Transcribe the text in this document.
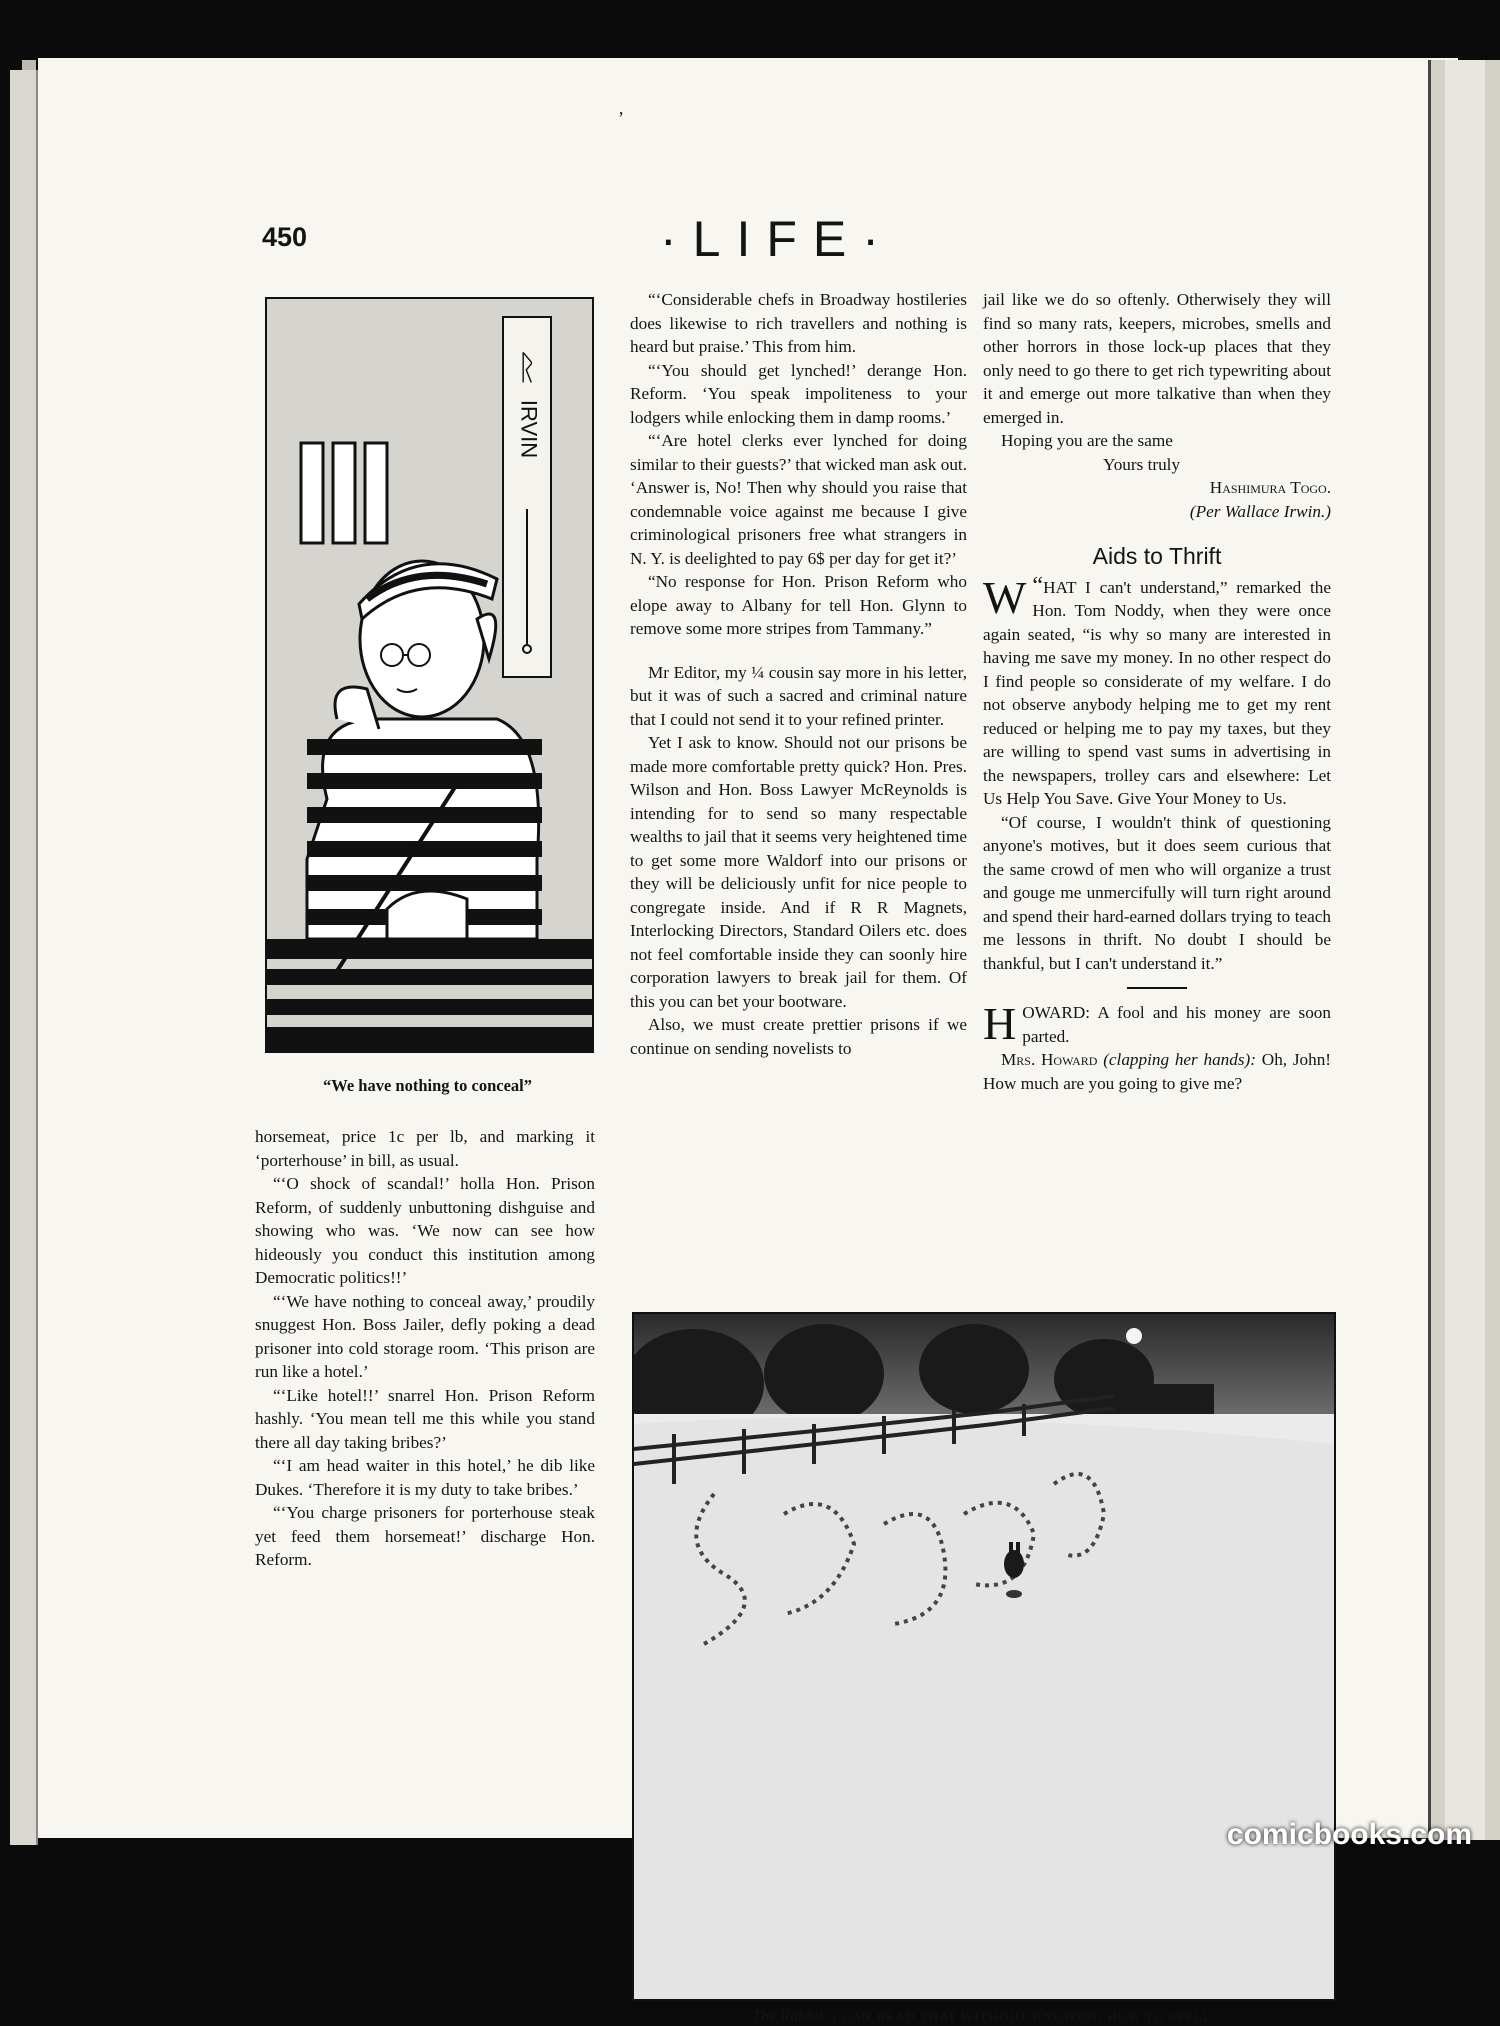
ʼ
450	·LIFE·
ᚱ
IRVIN
“We have nothing to conceal”

horsemeat, price 1c per lb, and marking it ‘porterhouse’ in bill, as usual.

“‘O shock of scandal!’ holla Hon. Prison Reform, of suddenly unbuttoning dishguise and showing who was. ‘We now can see how hideously you conduct this institution among Democratic politics!!’

“‘We have nothing to conceal away,’ proudily snuggest Hon. Boss Jailer, defly poking a dead prisoner into cold storage room. ‘This prison are run like a hotel.’

“‘Like hotel!!’ snarrel Hon. Prison Reform hashly. ‘You mean tell me this while you stand there all day taking bribes?’

“‘I am head waiter in this hotel,’ he dib like Dukes. ‘Therefore it is my duty to take bribes.’

“‘You charge prisoners for porterhouse steak yet feed them horsemeat!’ discharge Hon. Reform.

“‘Considerable chefs in Broadway hostileries does likewise to rich travellers and nothing is heard but praise.’ This from him.

“‘You should get lynched!’ derange Hon. Reform. ‘You speak impoliteness to your lodgers while enlocking them in damp rooms.’

“‘Are hotel clerks ever lynched for doing similar to their guests?’ that wicked man ask out. ‘Answer is, No! Then why should you raise that condemnable voice against me because I give criminological prisoners free what strangers in N. Y. is deelighted to pay 6$ per day for get it?’

“No response for Hon. Prison Reform who elope away to Albany for tell Hon. Glynn to remove some more stripes from Tammany.”

Mr Editor, my ¼ cousin say more in his letter, but it was of such a sacred and criminal nature that I could not send it to your refined printer.

Yet I ask to know. Should not our prisons be made more comfortable pretty quick? Hon. Pres. Wilson and Hon. Boss Lawyer McReynolds is intending for to send so many respectable wealths to jail that it seems very heightened time to get some more Waldorf into our prisons or they will be deliciously unfit for nice people to congregate inside. And if R R Magnets, Interlocking Directors, Standard Oilers etc. does not feel comfortable inside they can soonly hire corporation lawyers to break jail for them. Of this you can bet your bootware.

Also, we must create prettier prisons if we continue on sending novelists to

jail like we do so oftenly. Otherwisely they will find so many rats, keepers, microbes, smells and other horrors in those lock-up places that they only need to go there to get rich typewriting about it and emerge out more talkative than when they emerged in.

Hoping you are the same

Yours truly

Hashimura Togo.

(Per Wallace Irwin.)

Aids to Thrift

“
W HAT I can't understand,” remarked the Hon. Tom Noddy, when they were once again seated, “is why so many are interested in having me save my money. In no other respect do I find people so considerate of my welfare. I do not observe anybody helping me to get my rent reduced or helping me to pay my taxes, but they are willing to spend vast sums in advertising in the newspapers, trolley cars and elsewhere: Let Us Help You Save. Give Your Money to Us.

“Of course, I wouldn't think of questioning anyone's motives, but it does seem curious that the same crowd of men who will organize a trust and gouge me unmercifully will turn right around and spend their hard-earned dollars trying to teach me lessons in thrift. No doubt I should be thankful, but I can't understand it.”

HOWARD: A fool and his money are soon parted.

Mrs. Howard (clapping her hands): Oh, John! How much are you going to give me?

The Rabbit: I CAN READ THAT WITHOUT KNOWING HOW TO SPELL
comicbooks.com
